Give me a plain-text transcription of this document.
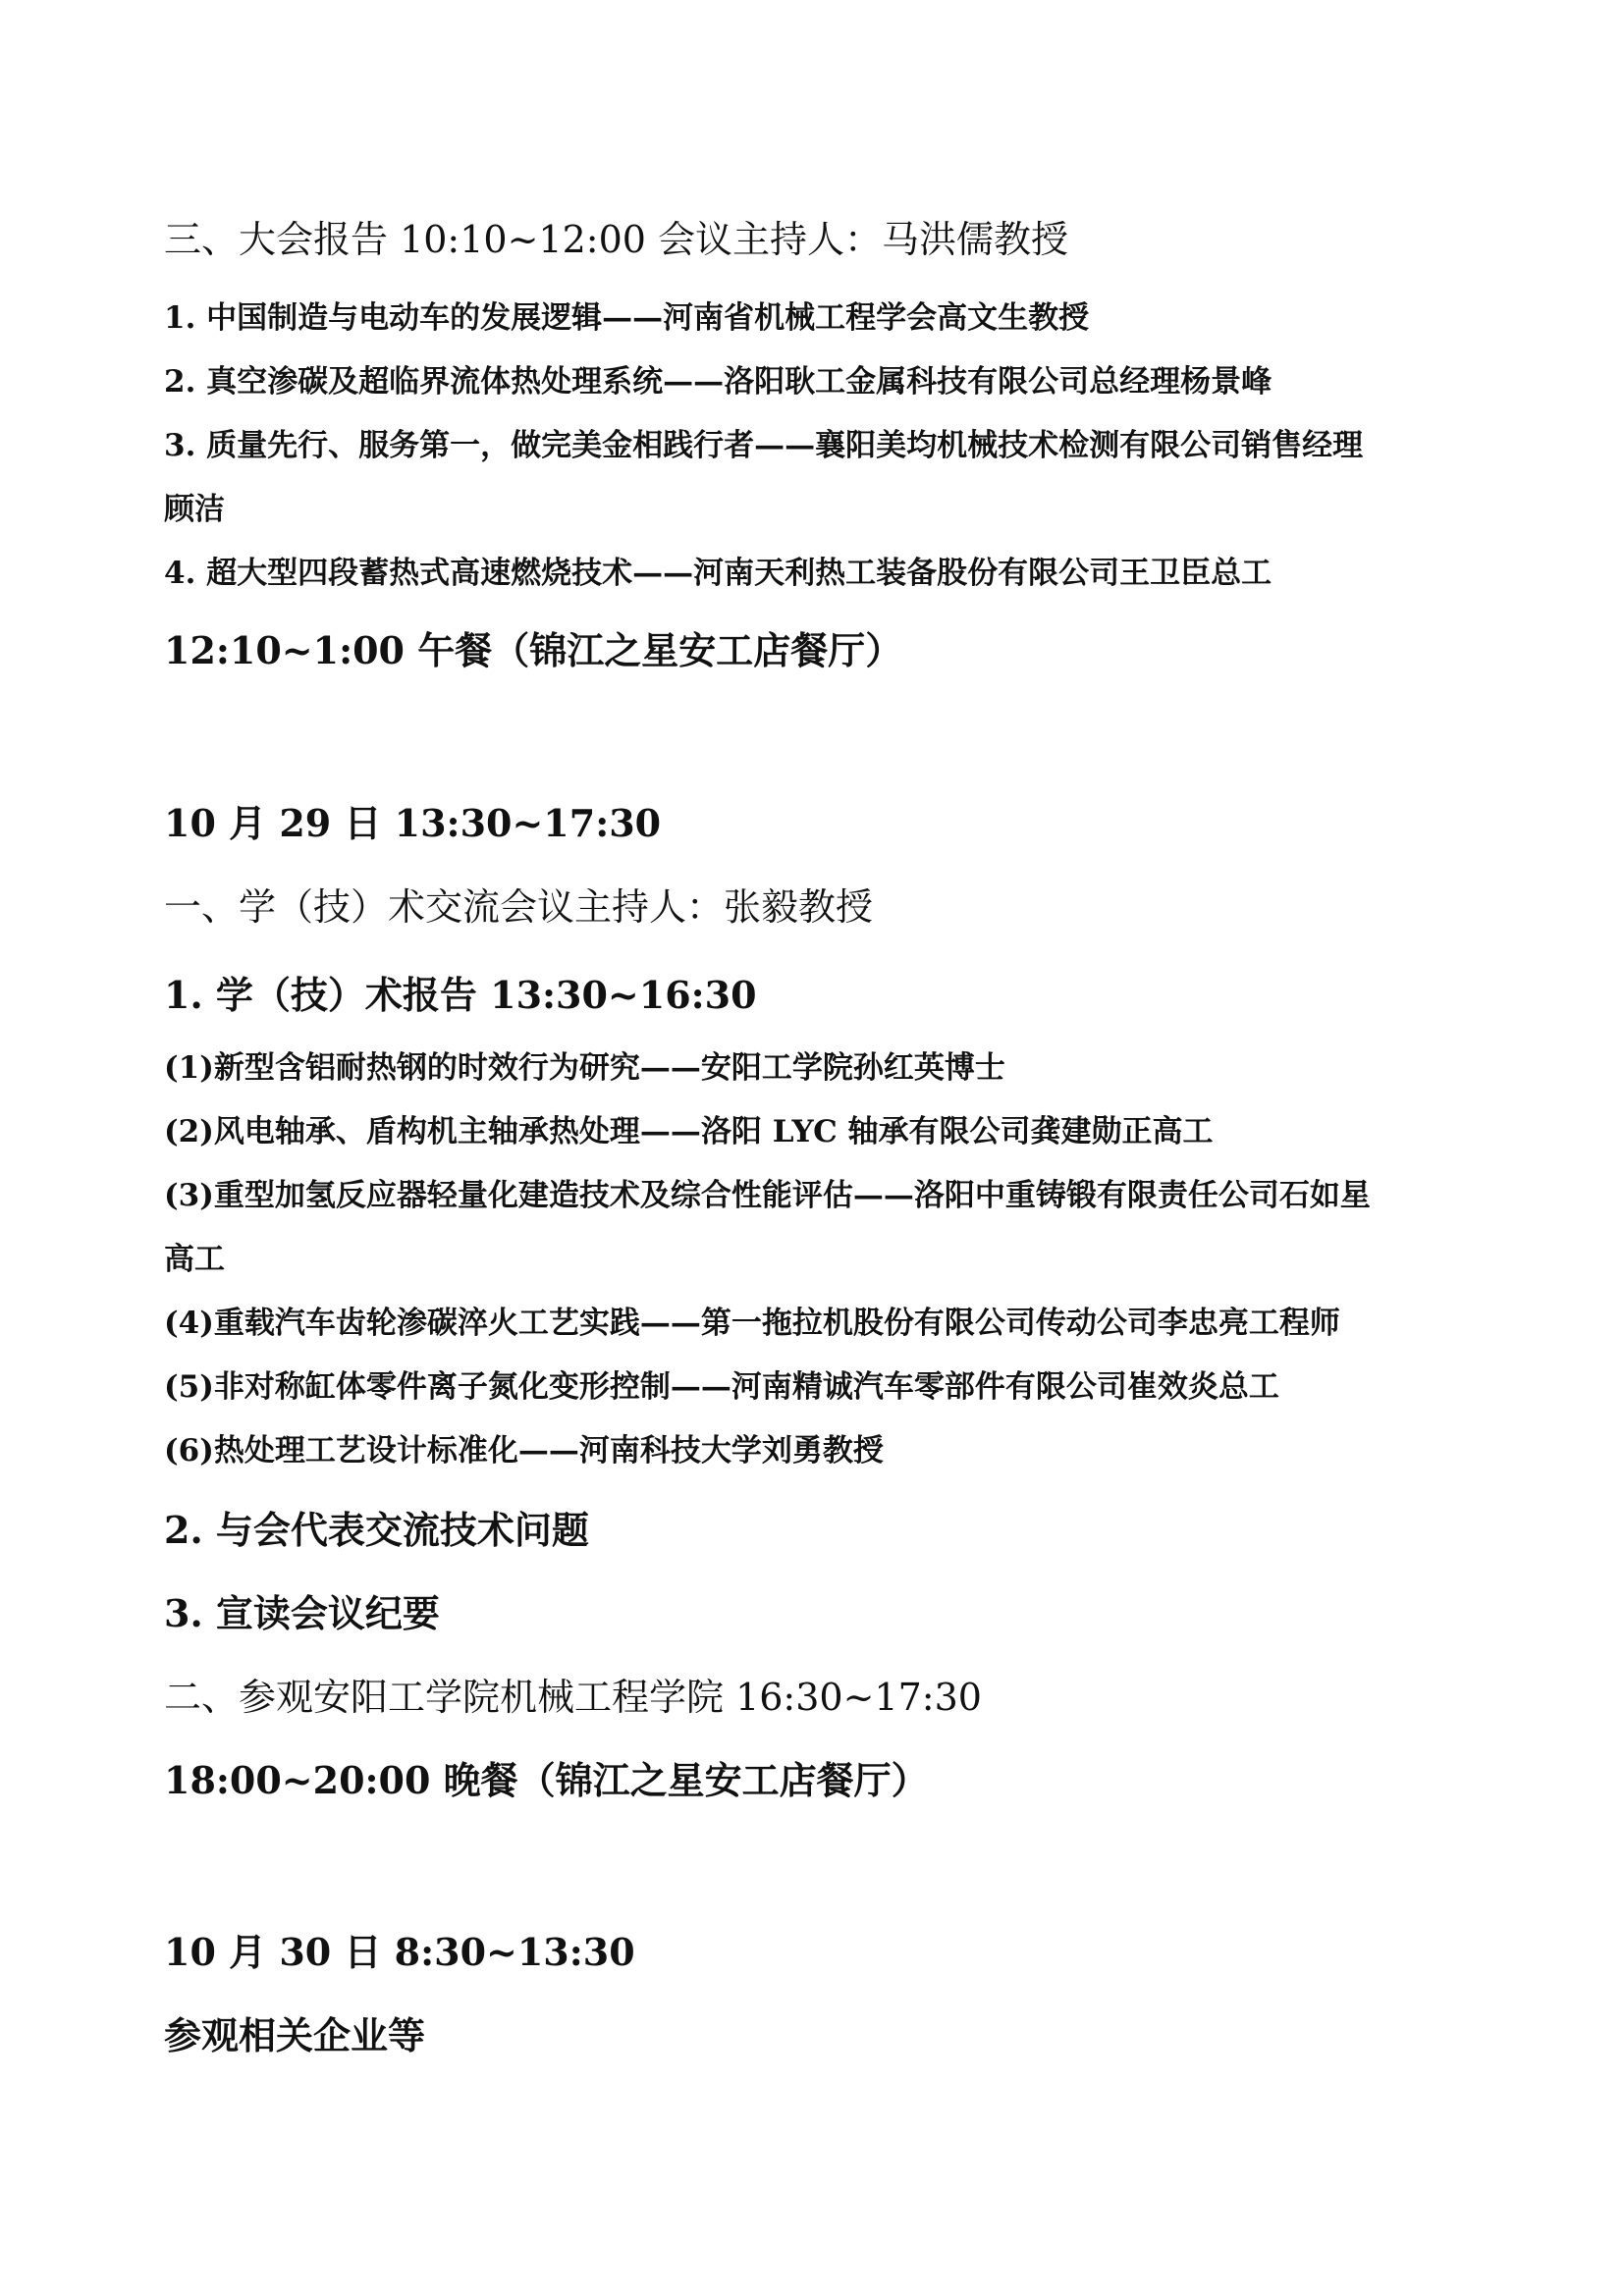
三、大会报告 10:10~12:00 会议主持人：马洪儒教授
1. 中国制造与电动车的发展逻辑——河南省机械工程学会高文生教授
2. 真空渗碳及超临界流体热处理系统——洛阳耿工金属科技有限公司总经理杨景峰
3. 质量先行、服务第一，做完美金相践行者——襄阳美均机械技术检测有限公司销售经理
顾洁
4. 超大型四段蓄热式高速燃烧技术——河南天利热工装备股份有限公司王卫臣总工
12:10~1:00 午餐（锦江之星安工店餐厅）
10 月 29 日 13:30~17:30
一、学（技）术交流会议主持人：张毅教授
1. 学（技）术报告 13:30~16:30
(1)新型含铝耐热钢的时效行为研究——安阳工学院孙红英博士
(2)风电轴承、盾构机主轴承热处理——洛阳 LYC 轴承有限公司龚建勋正高工
(3)重型加氢反应器轻量化建造技术及综合性能评估——洛阳中重铸锻有限责任公司石如星
高工
(4)重载汽车齿轮渗碳淬火工艺实践——第一拖拉机股份有限公司传动公司李忠亮工程师
(5)非对称缸体零件离子氮化变形控制——河南精诚汽车零部件有限公司崔效炎总工
(6)热处理工艺设计标准化——河南科技大学刘勇教授
2. 与会代表交流技术问题
3. 宣读会议纪要
二、参观安阳工学院机械工程学院 16:30~17:30
18:00~20:00 晚餐（锦江之星安工店餐厅）
10 月 30 日 8:30~13:30
参观相关企业等
